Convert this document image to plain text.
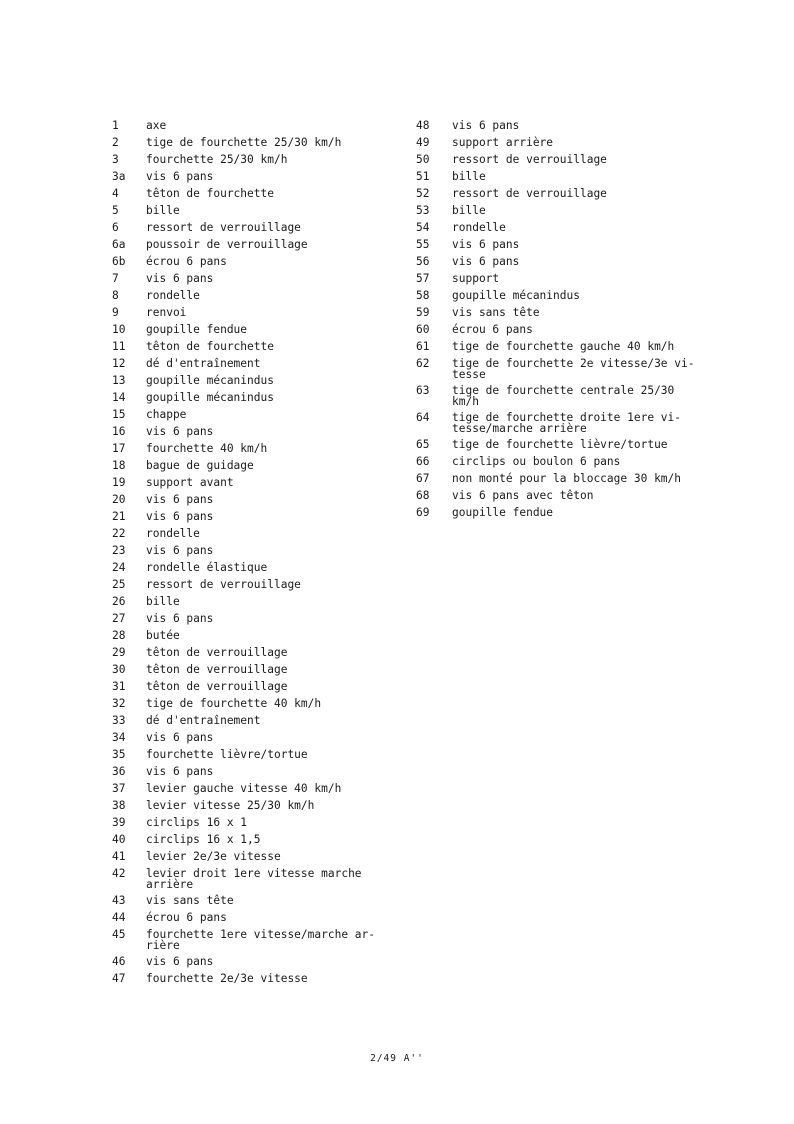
1	axe
2	tige de fourchette 25/30 km/h
3	fourchette 25/30 km/h
3a	vis 6 pans
4	têton de fourchette
5	bille
6	ressort de verrouillage
6a	poussoir de verrouillage
6b	écrou 6 pans
7	vis 6 pans
8	rondelle
9	renvoi
10	goupille fendue
11	têton de fourchette
12	dé d'entraînement
13	goupille mécanindus
14	goupille mécanindus
15	chappe
16	vis 6 pans
17	fourchette 40 km/h
18	bague de guidage
19	support avant
20	vis 6 pans
21	vis 6 pans
22	rondelle
23	vis 6 pans
24	rondelle élastique
25	ressort de verrouillage
26	bille
27	vis 6 pans
28	butée
29	têton de verrouillage
30	têton de verrouillage
31	têton de verrouillage
32	tige de fourchette 40 km/h
33	dé d'entraînement
34	vis 6 pans
35	fourchette lièvre/tortue
36	vis 6 pans
37	levier gauche vitesse 40 km/h
38	levier vitesse 25/30 km/h
39	circlips 16 x 1
40	circlips 16 x 1,5
41	levier 2e/3e vitesse
42	levier droit 1ere vitesse marche
arrière
43	vis sans tête
44	écrou 6 pans
45	fourchette 1ere vitesse/marche ar-
rière
46	vis 6 pans
47	fourchette 2e/3e vitesse
48	vis 6 pans
49	support arrière
50	ressort de verrouillage
51	bille
52	ressort de verrouillage
53	bille
54	rondelle
55	vis 6 pans
56	vis 6 pans
57	support
58	goupille mécanindus
59	vis sans tête
60	écrou 6 pans
61	tige de fourchette gauche 40 km/h
62	tige de fourchette 2e vitesse/3e vi-
tesse
63	tige de fourchette centrale 25/30
km/h
64	tige de fourchette droite 1ere vi-
tesse/marche arrière
65	tige de fourchette lièvre/tortue
66	circlips ou boulon 6 pans
67	non monté pour la bloccage 30 km/h
68	vis 6 pans avec têton
69	goupille fendue
2/49 A''
